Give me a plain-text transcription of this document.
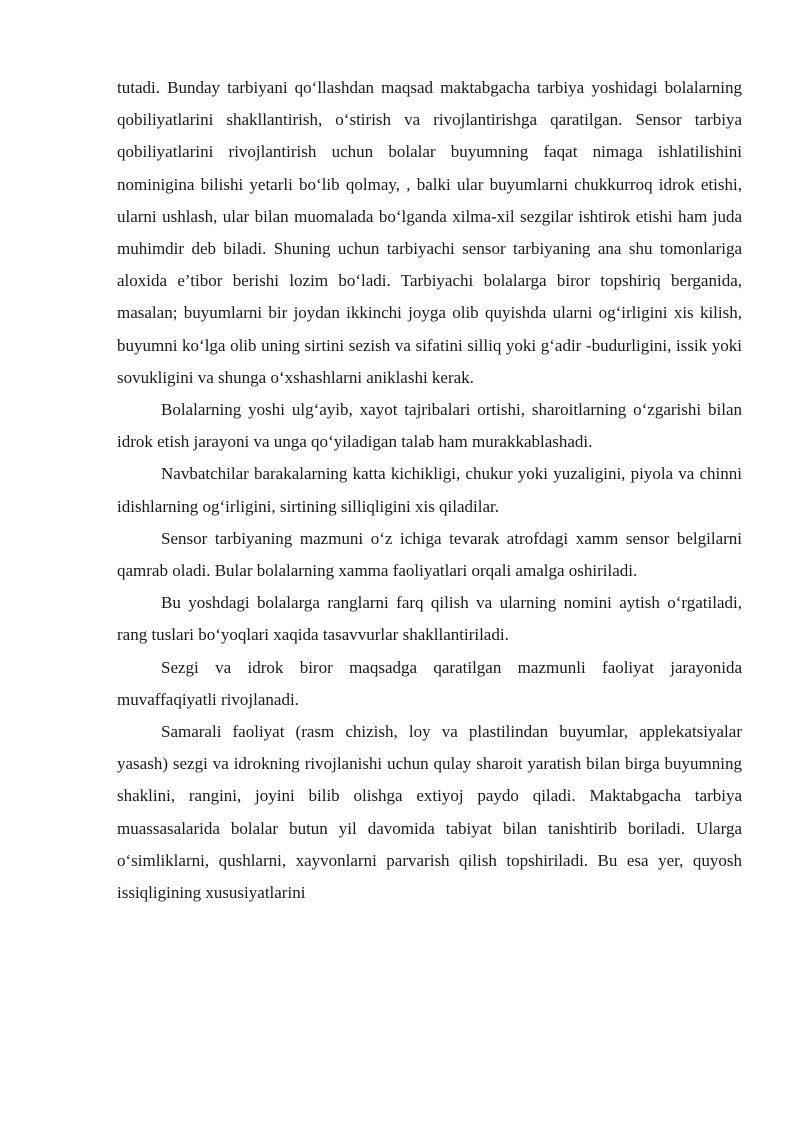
tutadi. Bunday tarbiyani qo‘llashdan maqsad maktabgacha tarbiya yoshidagi bolalarning qobiliyatlarini shakllantirish, o‘stirish va rivojlantirishga qaratilgan. Sensor tarbiya qobiliyatlarini rivojlantirish uchun bolalar buyumning faqat nimaga ishlatilishini nominigina bilishi yetarli bo‘lib qolmay, , balki ular buyumlarni chukkurroq idrok etishi, ularni ushlash, ular bilan muomalada bo‘lganda xilma-xil sezgilar ishtirok etishi ham juda muhimdir deb biladi. Shuning uchun tarbiyachi sensor tarbiyaning ana shu tomonlariga aloxida e’tibor berishi lozim bo‘ladi. Tarbiyachi bolalarga biror topshiriq berganida, masalan; buyumlarni bir joydan ikkinchi joyga olib quyishda ularni og‘irligini xis kilish, buyumni ko‘lga olib uning sirtini sezish va sifatini silliq yoki g‘adir -budurligini, issik yoki sovukligini va shunga o‘xshashlarni aniklashi kerak.

Bolalarning yoshi ulg‘ayib, xayot tajribalari ortishi, sharoitlarning o‘zgarishi bilan idrok etish jarayoni va unga qo‘yiladigan talab ham murakkablashadi.

Navbatchilar barakalarning katta kichikligi, chukur yoki yuzaligini, piyola va chinni idishlarning og‘irligini, sirtining silliqligini xis qiladilar.

Sensor tarbiyaning mazmuni o‘z ichiga tevarak atrofdagi xamm sensor belgilarni qamrab oladi. Bular bolalarning xamma faoliyatlari orqali amalga oshiriladi.

Bu yoshdagi bolalarga ranglarni farq qilish va ularning nomini aytish o‘rgatiladi, rang tuslari bo‘yoqlari xaqida tasavvurlar shakllantiriladi.

Sezgi va idrok biror maqsadga qaratilgan mazmunli faoliyat jarayonida muvaffaqiyatli rivojlanadi.

Samarali faoliyat (rasm chizish, loy va plastilindan buyumlar, applekatsiyalar yasash) sezgi va idrokning rivojlanishi uchun qulay sharoit yaratish bilan birga buyumning shaklini, rangini, joyini bilib olishga extiyoj paydo qiladi. Maktabgacha tarbiya muassasalarida bolalar butun yil davomida tabiyat bilan tanishtirib boriladi. Ularga o‘simliklarni, qushlarni, xayvonlarni parvarish qilish topshiriladi. Bu esa yer, quyosh issiqligining xususiyatlarini
